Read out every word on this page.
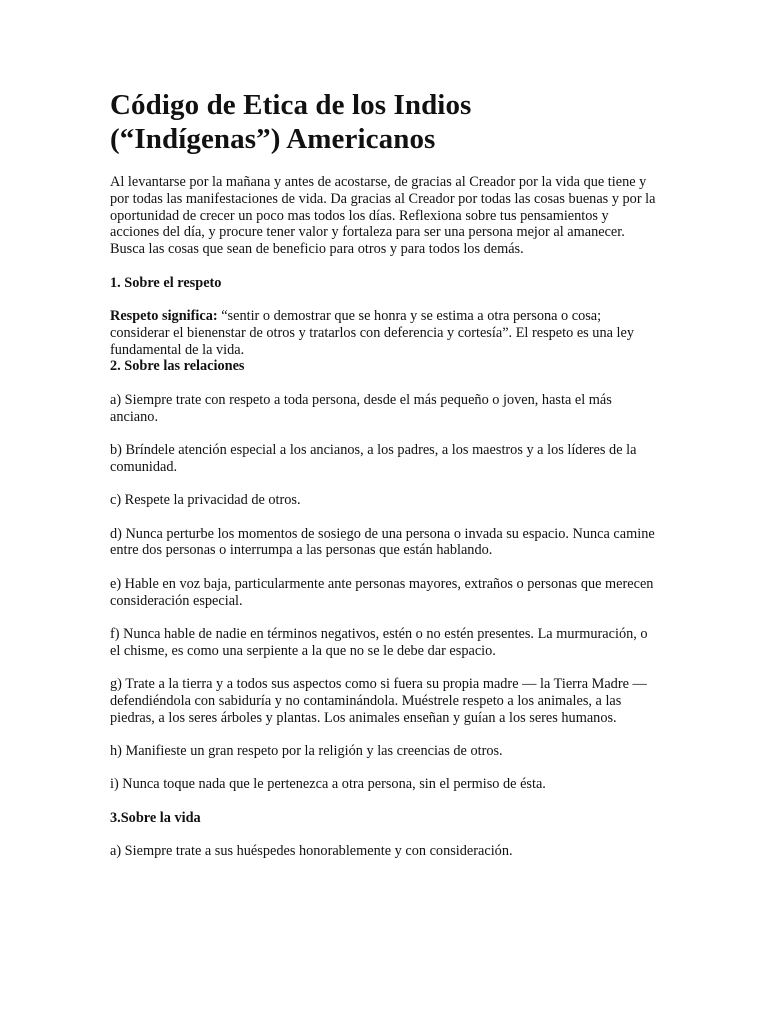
Código de Etica de los Indios
(“Indígenas”) Americanos

Al levantarse por la mañana y antes de acostarse, de gracias al Creador por la vida que tiene y por todas las manifestaciones de vida. Da gracias al Creador por todas las cosas buenas y por la oportunidad de crecer un poco mas todos los días. Reflexiona sobre tus pensamientos y acciones del día, y procure tener valor y fortaleza para ser una persona mejor al amanecer. Busca las cosas que sean de beneficio para otros y para todos los demás.

1. Sobre el respeto

Respeto significa: “sentir o demostrar que se honra y se estima a otra persona o cosa; considerar el bienenstar de otros y tratarlos con deferencia y cortesía”. El respeto es una ley fundamental de la vida.

2. Sobre las relaciones

a) Siempre trate con respeto a toda persona, desde el más pequeño o joven, hasta el más anciano.

b) Bríndele atención especial a los ancianos, a los padres, a los maestros y a los líderes de la comunidad.

c) Respete la privacidad de otros.

d) Nunca perturbe los momentos de sosiego de una persona o invada su espacio. Nunca camine entre dos personas o interrumpa a las personas que están hablando.

e) Hable en voz baja, particularmente ante personas mayores, extraños o personas que merecen consideración especial.

f) Nunca hable de nadie en términos negativos, estén o no estén presentes. La murmuración, o el chisme, es como una serpiente a la que no se le debe dar espacio.

g) Trate a la tierra y a todos sus aspectos como si fuera su propia madre — la Tierra Madre — defendiéndola con sabiduría y no contaminándola. Muéstrele respeto a los animales, a las piedras, a los seres árboles y plantas. Los animales enseñan y guían a los seres humanos.

h) Manifieste un gran respeto por la religión y las creencias de otros.

i) Nunca toque nada que le pertenezca a otra persona, sin el permiso de ésta.

3.Sobre la vida

a) Siempre trate a sus huéspedes honorablemente y con consideración.
